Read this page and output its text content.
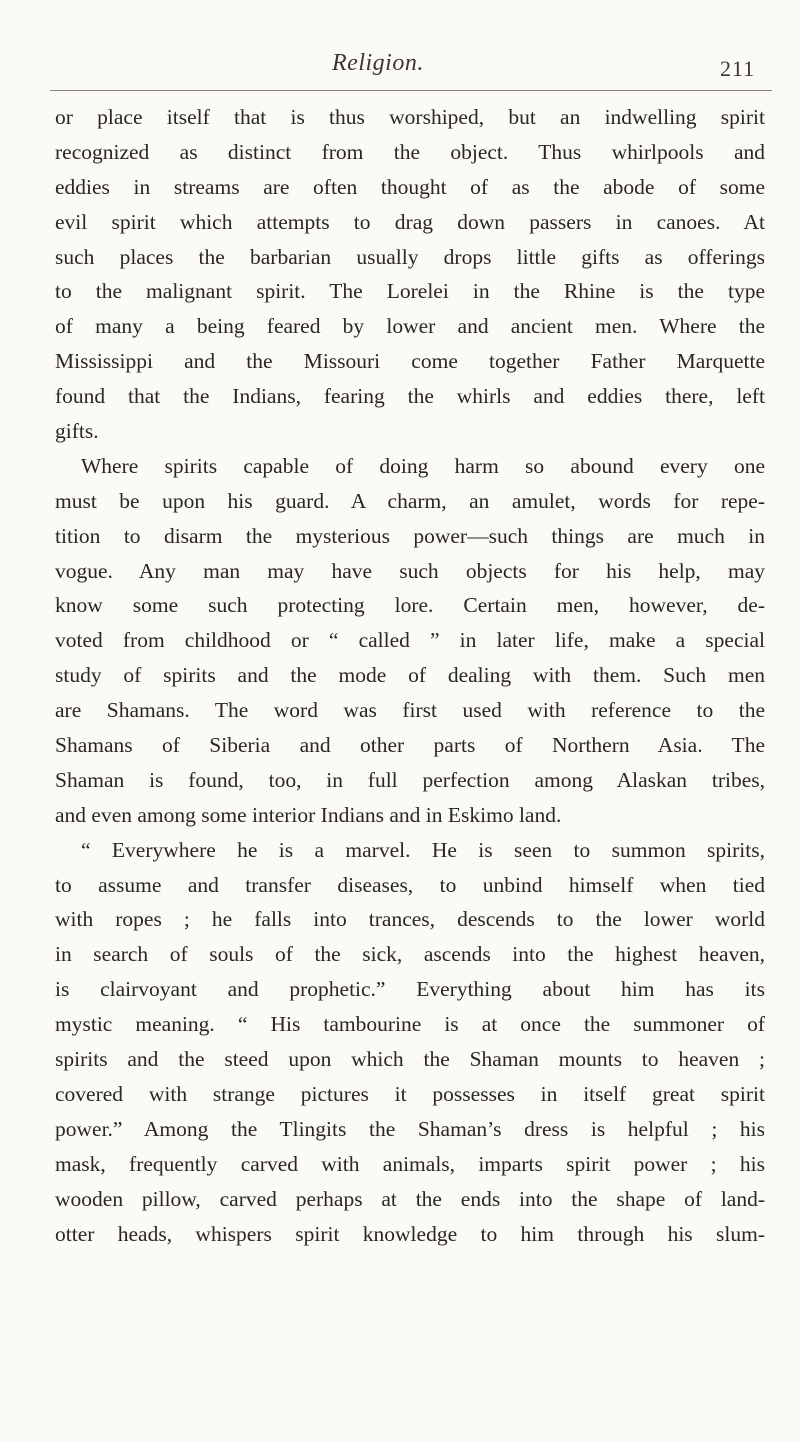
Religion.	211
or place itself that is thus worshiped, but an indwelling spirit
recognized as distinct from the object. Thus whirlpools and
eddies in streams are often thought of as the abode of some
evil spirit which attempts to drag down passers in canoes. At
such places the barbarian usually drops little gifts as offerings
to the malignant spirit. The Lorelei in the Rhine is the type
of many a being feared by lower and ancient men. Where the
Mississippi and the Missouri come together Father Marquette
found that the Indians, fearing the whirls and eddies there, left
gifts.
Where spirits capable of doing harm so abound every one
must be upon his guard. A charm, an amulet, words for repe-
tition to disarm the mysterious power—such things are much in
vogue. Any man may have such objects for his help, may
know some such protecting lore. Certain men, however, de-
voted from childhood or “ called ” in later life, make a special
study of spirits and the mode of dealing with them. Such men
are Shamans. The word was first used with reference to the
Shamans of Siberia and other parts of Northern Asia. The
Shaman is found, too, in full perfection among Alaskan tribes,
and even among some interior Indians and in Eskimo land.
“ Everywhere he is a marvel. He is seen to summon spirits,
to assume and transfer diseases, to unbind himself when tied
with ropes ; he falls into trances, descends to the lower world
in search of souls of the sick, ascends into the highest heaven,
is clairvoyant and prophetic.” Everything about him has its
mystic meaning. “ His tambourine is at once the summoner of
spirits and the steed upon which the Shaman mounts to heaven ;
covered with strange pictures it possesses in itself great spirit
power.” Among the Tlingits the Shaman’s dress is helpful ; his
mask, frequently carved with animals, imparts spirit power ; his
wooden pillow, carved perhaps at the ends into the shape of land-
otter heads, whispers spirit knowledge to him through his slum-
